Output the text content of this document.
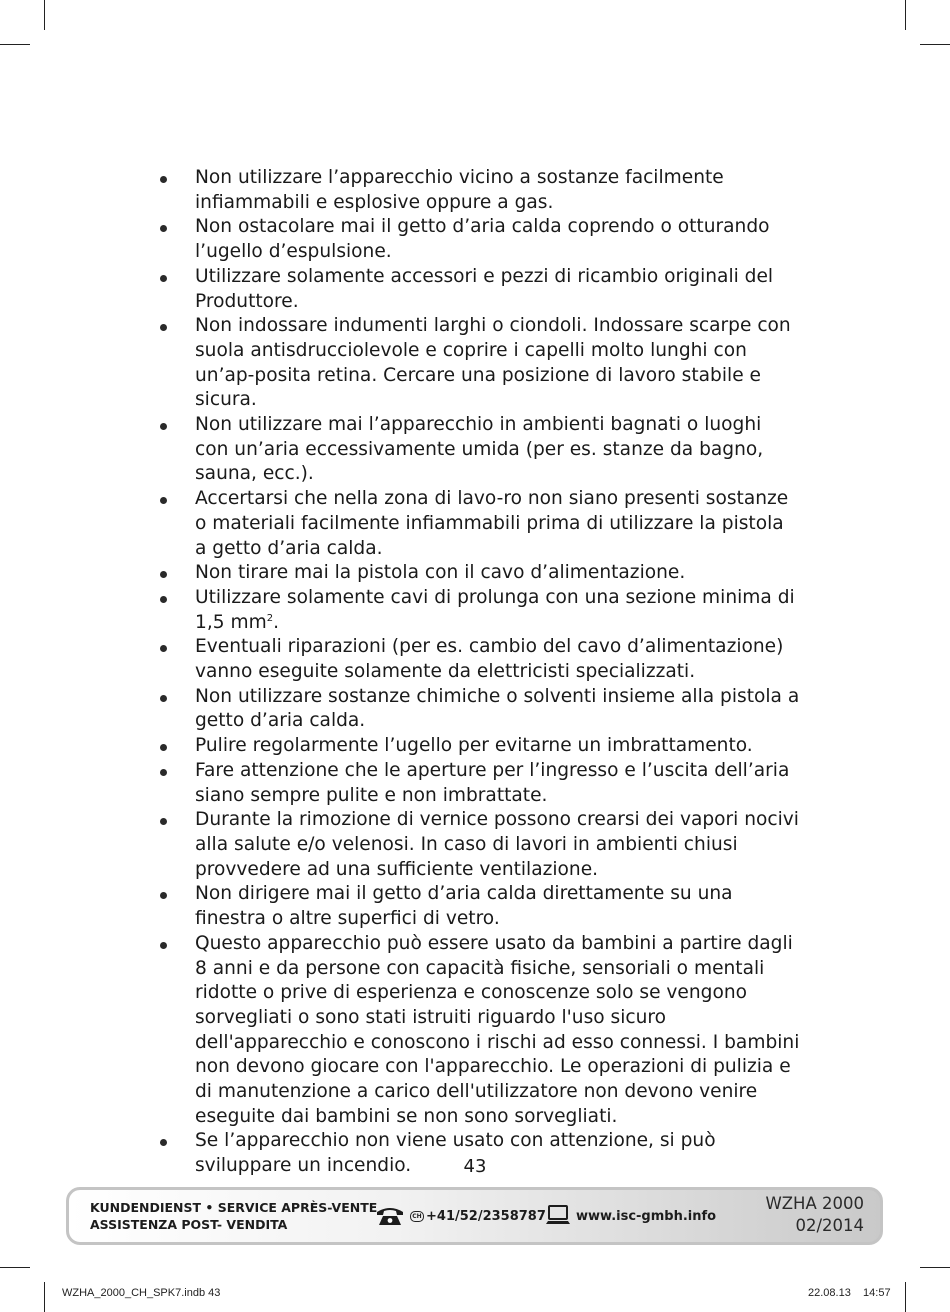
Non utilizzare l’apparecchio vicino a sostanze facilmente infiammabili e esplosive oppure a gas.
Non ostacolare mai il getto d’aria calda coprendo o otturando l’ugello d’espulsione.
Utilizzare solamente accessori e pezzi di ricambio originali del Produttore.
Non indossare indumenti larghi o ciondoli. Indossare scarpe con suola antisdrucciolevole e coprire i capelli molto lunghi con un’ap-posita retina. Cercare una posizione di lavoro stabile e sicura.
Non utilizzare mai l’apparecchio in ambienti bagnati o luoghi con un’aria eccessivamente umida (per es. stanze da bagno, sauna, ecc.).
Accertarsi che nella zona di lavo-ro non siano presenti sostanze o materiali facilmente infiammabili prima di utilizzare la pistola a getto d’aria calda.
Non tirare mai la pistola con il cavo d’alimentazione.
Utilizzare solamente cavi di prolunga con una sezione minima di 1,5 $mm^2$.
Eventuali riparazioni (per es. cambio del cavo d’alimentazione) vanno eseguite solamente da elettricisti specializzati.
Non utilizzare sostanze chimiche o solventi insieme alla pistola a getto d’aria calda.
Pulire regolarmente l’ugello per evitarne un imbrattamento.
Fare attenzione che le aperture per l’ingresso e l’uscita dell’aria siano sempre pulite e non imbrattate.
Durante la rimozione di vernice possono crearsi dei vapori nocivi alla salute e/o velenosi. In caso di lavori in ambienti chiusi provvedere ad una sufficiente ventilazione.
Non dirigere mai il getto d’aria calda direttamente su una finestra o altre superfici di vetro.
Questo apparecchio può essere usato da bambini a partire dagli 8 anni e da persone con capacità fisiche, sensoriali o mentali ridotte o prive di esperienza e conoscenze solo se vengono sorvegliati o sono stati istruiti riguardo l'uso sicuro dell'apparecchio e conoscono i rischi ad esso connessi. I bambini non devono giocare con l'apparecchio. Le operazioni di pulizia e di manutenzione a carico dell'utilizzatore non devono venire eseguite dai bambini se non sono sorvegliati.
Se l’apparecchio non viene usato con attenzione, si può sviluppare un incendio.	43
KUNDENDIENST • SERVICE APRÈS-VENTE
ASSISTENZA POST- VENDITA
CH +41/52/2358787 www.isc-gmbh.info
WZHA 2000
02/2014
WZHA_2000_CH_SPK7.indb 43	22.08.13    14:57
